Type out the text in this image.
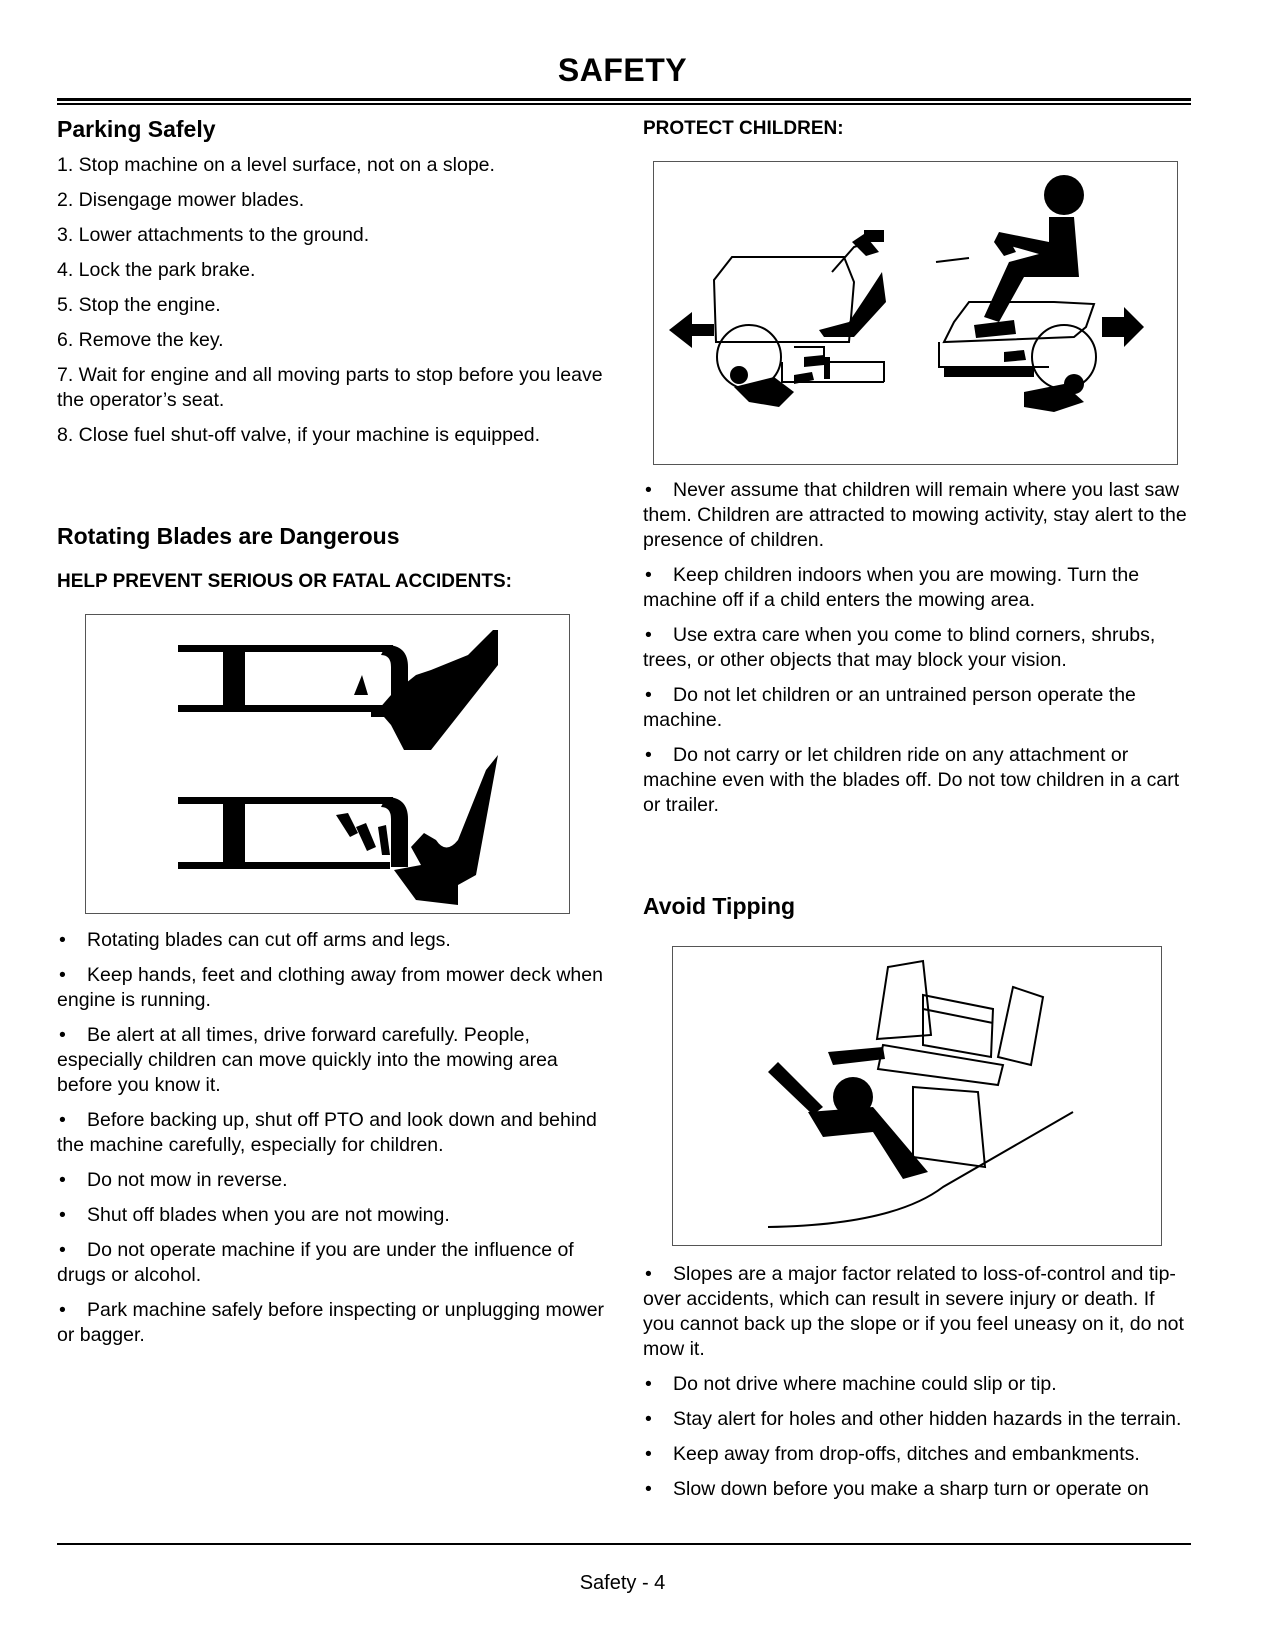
SAFETY
Parking Safely
1. Stop machine on a level surface, not on a slope.
2. Disengage mower blades.
3. Lower attachments to the ground.
4. Lock the park brake.
5. Stop the engine.
6. Remove the key.
7. Wait for engine and all moving parts to stop before you leave the operator’s seat.
8. Close fuel shut-off valve, if your machine is equipped.
Rotating Blades are Dangerous
HELP PREVENT SERIOUS OR FATAL ACCIDENTS:
• Rotating blades can cut off arms and legs.
• Keep hands, feet and clothing away from mower deck when engine is running.
• Be alert at all times, drive forward carefully. People, especially children can move quickly into the mowing area before you know it.
• Before backing up, shut off PTO and look down and behind the machine carefully, especially for children.
• Do not mow in reverse.
• Shut off blades when you are not mowing.
• Do not operate machine if you are under the influence of drugs or alcohol.
• Park machine safely before inspecting or unplugging mower or bagger.
PROTECT CHILDREN:
• Never assume that children will remain where you last saw them. Children are attracted to mowing activity, stay alert to the presence of children.
• Keep children indoors when you are mowing. Turn the machine off if a child enters the mowing area.
• Use extra care when you come to blind corners, shrubs, trees, or other objects that may block your vision.
• Do not let children or an untrained person operate the machine.
• Do not carry or let children ride on any attachment or machine even with the blades off. Do not tow children in a cart or trailer.
Avoid Tipping
• Slopes are a major factor related to loss-of-control and tip-over accidents, which can result in severe injury or death. If you cannot back up the slope or if you feel uneasy on it, do not mow it.
• Do not drive where machine could slip or tip.
• Stay alert for holes and other hidden hazards in the terrain.
• Keep away from drop-offs, ditches and embankments.
• Slow down before you make a sharp turn or operate on
Safety - 4
